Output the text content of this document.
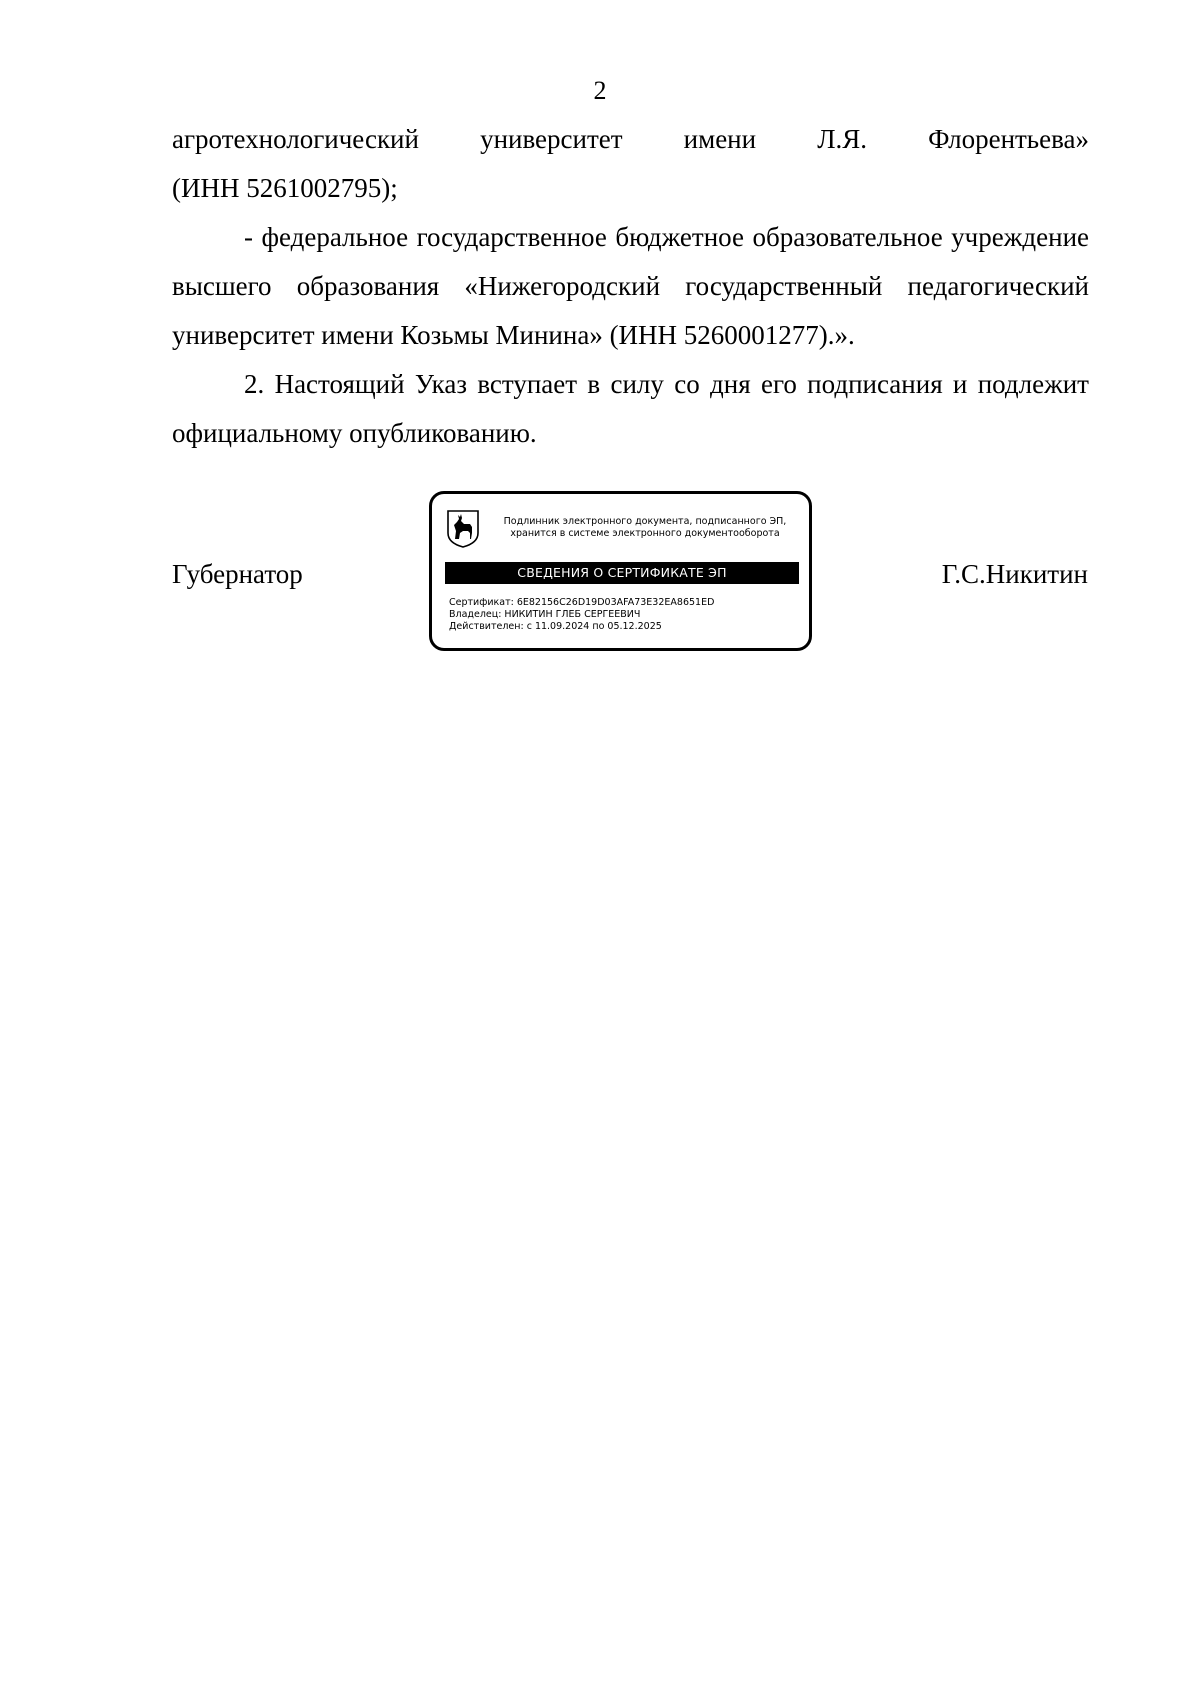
2

агротехнологический университет имени Л.Я. Флорентьева»

(ИНН 5261002795);

- федеральное государственное бюджетное образовательное учреждение высшего образования «Нижегородский государственный педагогический университет имени Козьмы Минина» (ИНН 5260001277).».

2. Настоящий Указ вступает в силу со дня его подписания и подлежит официальному опубликованию.

Губернатор	Г.С.Никитин
Подлинник электронного документа, подписанного ЭП,
хранится в системе электронного документооборота
СВЕДЕНИЯ О СЕРТИФИКАТЕ ЭП
Сертификат: 6E82156C26D19D03AFA73E32EA8651ED
Владелец: НИКИТИН ГЛЕБ СЕРГЕЕВИЧ
Действителен: с 11.09.2024 по 05.12.2025
